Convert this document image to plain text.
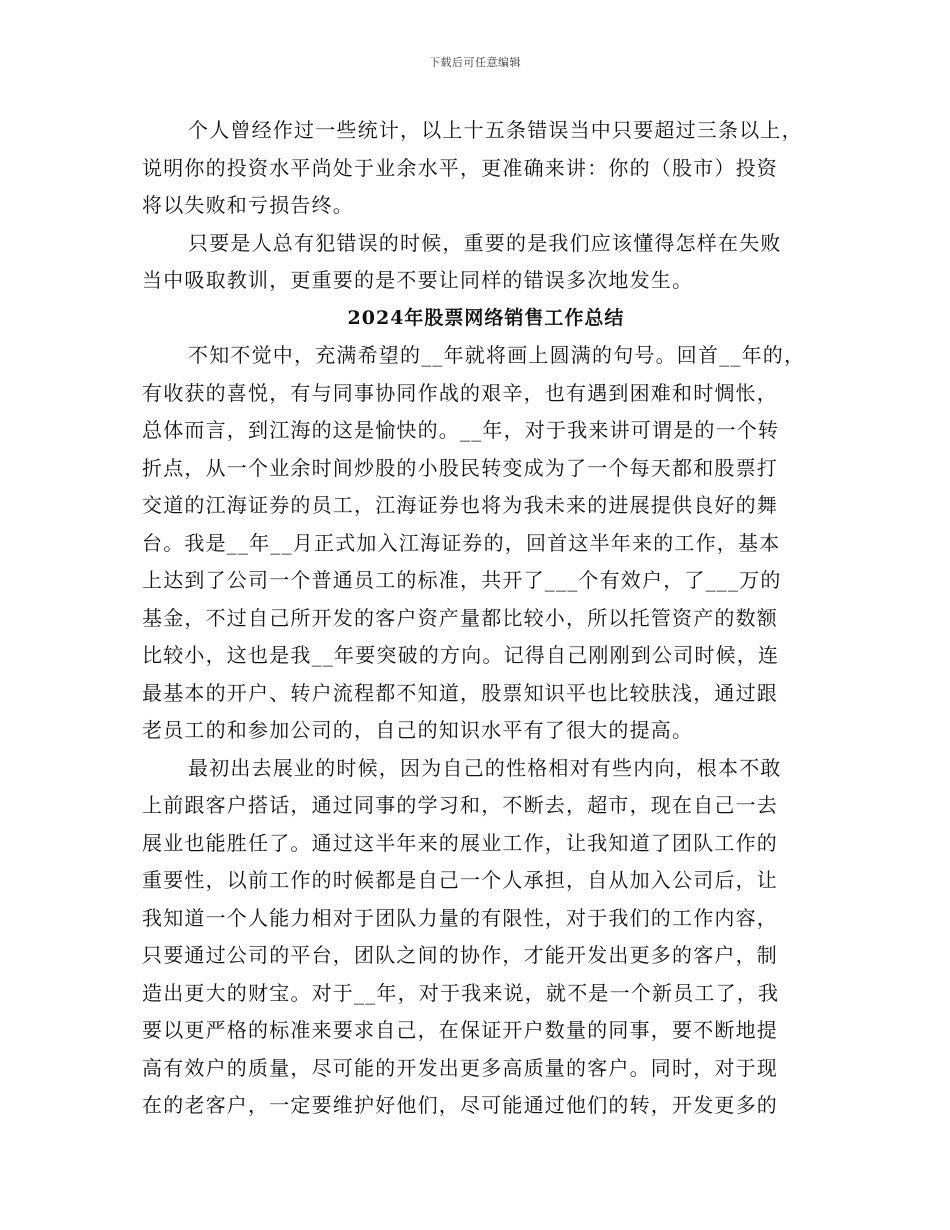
下载后可任意编辑
个人曾经作过一些统计，以上十五条错误当中只要超过三条以上，
说明你的投资水平尚处于业余水平，更准确来讲：你的（股市）投资
将以失败和亏损告终。
只要是人总有犯错误的时候，重要的是我们应该懂得怎样在失败
当中吸取教训，更重要的是不要让同样的错误多次地发生。
2024年股票网络销售工作总结
不知不觉中，充满希望的__年就将画上圆满的句号。回首__年的，
有收获的喜悦，有与同事协同作战的艰辛，也有遇到困难和时惆怅，
总体而言，到江海的这是愉快的。__年，对于我来讲可谓是的一个转
折点，从一个业余时间炒股的小股民转变成为了一个每天都和股票打
交道的江海证券的员工，江海证券也将为我未来的进展提供良好的舞
台。我是__年__月正式加入江海证券的，回首这半年来的工作，基本
上达到了公司一个普通员工的标准，共开了___个有效户，了___万的
基金，不过自己所开发的客户资产量都比较小，所以托管资产的数额
比较小，这也是我__年要突破的方向。记得自己刚刚到公司时候，连
最基本的开户、转户流程都不知道，股票知识平也比较肤浅，通过跟
老员工的和参加公司的，自己的知识水平有了很大的提高。
最初出去展业的时候，因为自己的性格相对有些内向，根本不敢
上前跟客户搭话，通过同事的学习和，不断去，超市，现在自己一去
展业也能胜任了。通过这半年来的展业工作，让我知道了团队工作的
重要性，以前工作的时候都是自己一个人承担，自从加入公司后，让
我知道一个人能力相对于团队力量的有限性，对于我们的工作内容，
只要通过公司的平台，团队之间的协作，才能开发出更多的客户，制
造出更大的财宝。对于__年，对于我来说，就不是一个新员工了，我
要以更严格的标准来要求自己，在保证开户数量的同事，要不断地提
高有效户的质量，尽可能的开发出更多高质量的客户。同时，对于现
在的老客户，一定要维护好他们，尽可能通过他们的转，开发更多的
